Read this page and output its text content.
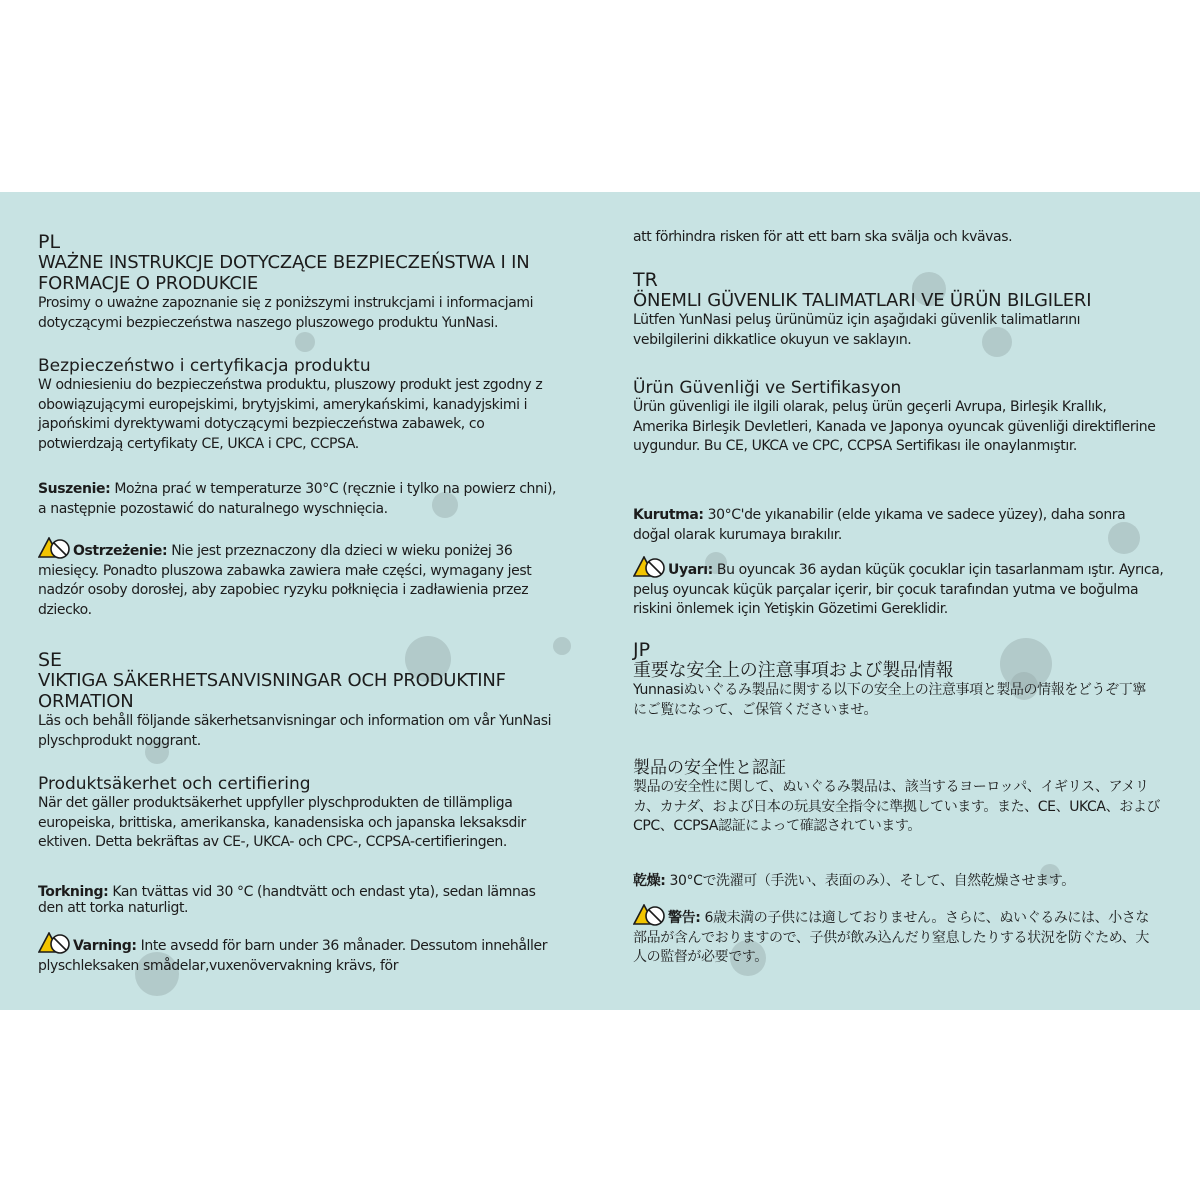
PL

WAŻNE INSTRUKCJE DOTYCZĄCE BEZPIECZEŃSTWA I IN FORMACJE O PRODUKCIE

Prosimy o uważne zapoznanie się z poniższymi instrukcjami i informacjami dotyczącymi bezpieczeństwa naszego pluszowego produktu YunNasi.

Bezpieczeństwo i certyfikacja produktu

W odniesieniu do bezpieczeństwa produktu, pluszowy produkt jest zgodny z obowiązującymi europejskimi, brytyjskimi, amerykańskimi, kanadyjskimi i japońskimi dyrektywami dotyczącymi bezpieczeństwa zabawek, co potwierdzają certyfikaty CE, UKCA i CPC, CCPSA.

Suszenie: Można prać w temperaturze 30°C (ręcznie i tylko na powierz chni), a następnie pozostawić do naturalnego wyschnięcia.

Ostrzeżenie: Nie jest przeznaczony dla dzieci w wieku poniżej 36 miesięcy. Ponadto pluszowa zabawka zawiera małe części, wymagany jest nadzór osoby dorosłej, aby zapobiec ryzyku połknięcia i zadławienia przez dziecko.

SE

VIKTIGA SÄKERHETSANVISNINGAR OCH PRODUKTINF ORMATION

Läs och behåll följande säkerhetsanvisningar och information om vår YunNasi plyschprodukt noggrant.

Produktsäkerhet och certifiering

När det gäller produktsäkerhet uppfyller plyschprodukten de tillämpliga europeiska, brittiska, amerikanska, kanadensiska och japanska leksaksdir ektiven. Detta bekräftas av CE-, UKCA- och CPC-, CCPSA-certifieringen.

Torkning: Kan tvättas vid 30 °C (handtvätt och endast yta), sedan lämnas den att torka naturligt.

Varning: Inte avsedd för barn under 36 månader. Dessutom innehåller plyschleksaken smådelar,vuxenövervakning krävs, för

att förhindra risken för att ett barn ska svälja och kvävas.

TR

ÖNEMLI GÜVENLIK TALIMATLARI VE ÜRÜN BILGILERI

Lütfen YunNasi peluş ürünümüz için aşağıdaki güvenlik talimatlarını vebilgilerini dikkatlice okuyun ve saklayın.

Ürün Güvenliği ve Sertifikasyon

Ürün güvenligi ile ilgili olarak, peluş ürün geçerli Avrupa, Birleşik Krallık, Amerika Birleşik Devletleri, Kanada ve Japonya oyuncak güvenliği direktiflerine uygundur. Bu CE, UKCA ve CPC, CCPSA Sertifikası ile onaylanmıştır.

Kurutma: 30°C'de yıkanabilir (elde yıkama ve sadece yüzey), daha sonra doğal olarak kurumaya bırakılır.

Uyarı: Bu oyuncak 36 aydan küçük çocuklar için tasarlanmam ıştır. Ayrıca, peluş oyuncak küçük parçalar içerir, bir çocuk tarafından yutma ve boğulma riskini önlemek için Yetişkin Gözetimi Gereklidir.

JP

重要な安全上の注意事項および製品情報

Yunnasiぬいぐるみ製品に関する以下の安全上の注意事項と製品の情報をどうぞ丁寧にご覧になって、ご保管くださいませ。

製品の安全性と認証

製品の安全性に関して、ぬいぐるみ製品は、該当するヨーロッパ、イギリス、アメリカ、カナダ、および日本の玩具安全指令に準拠しています。また、CE、UKCA、およびCPC、CCPSA認証によって確認されています。

乾燥: 30°Cで洗濯可（手洗い、表面のみ）、そして、自然乾燥させます。

警告: 6歳未満の子供には適しておりません。さらに、ぬいぐるみには、小さな部品が含んでおりますので、子供が飲み込んだり窒息したりする状況を防ぐため、大人の監督が必要です。
